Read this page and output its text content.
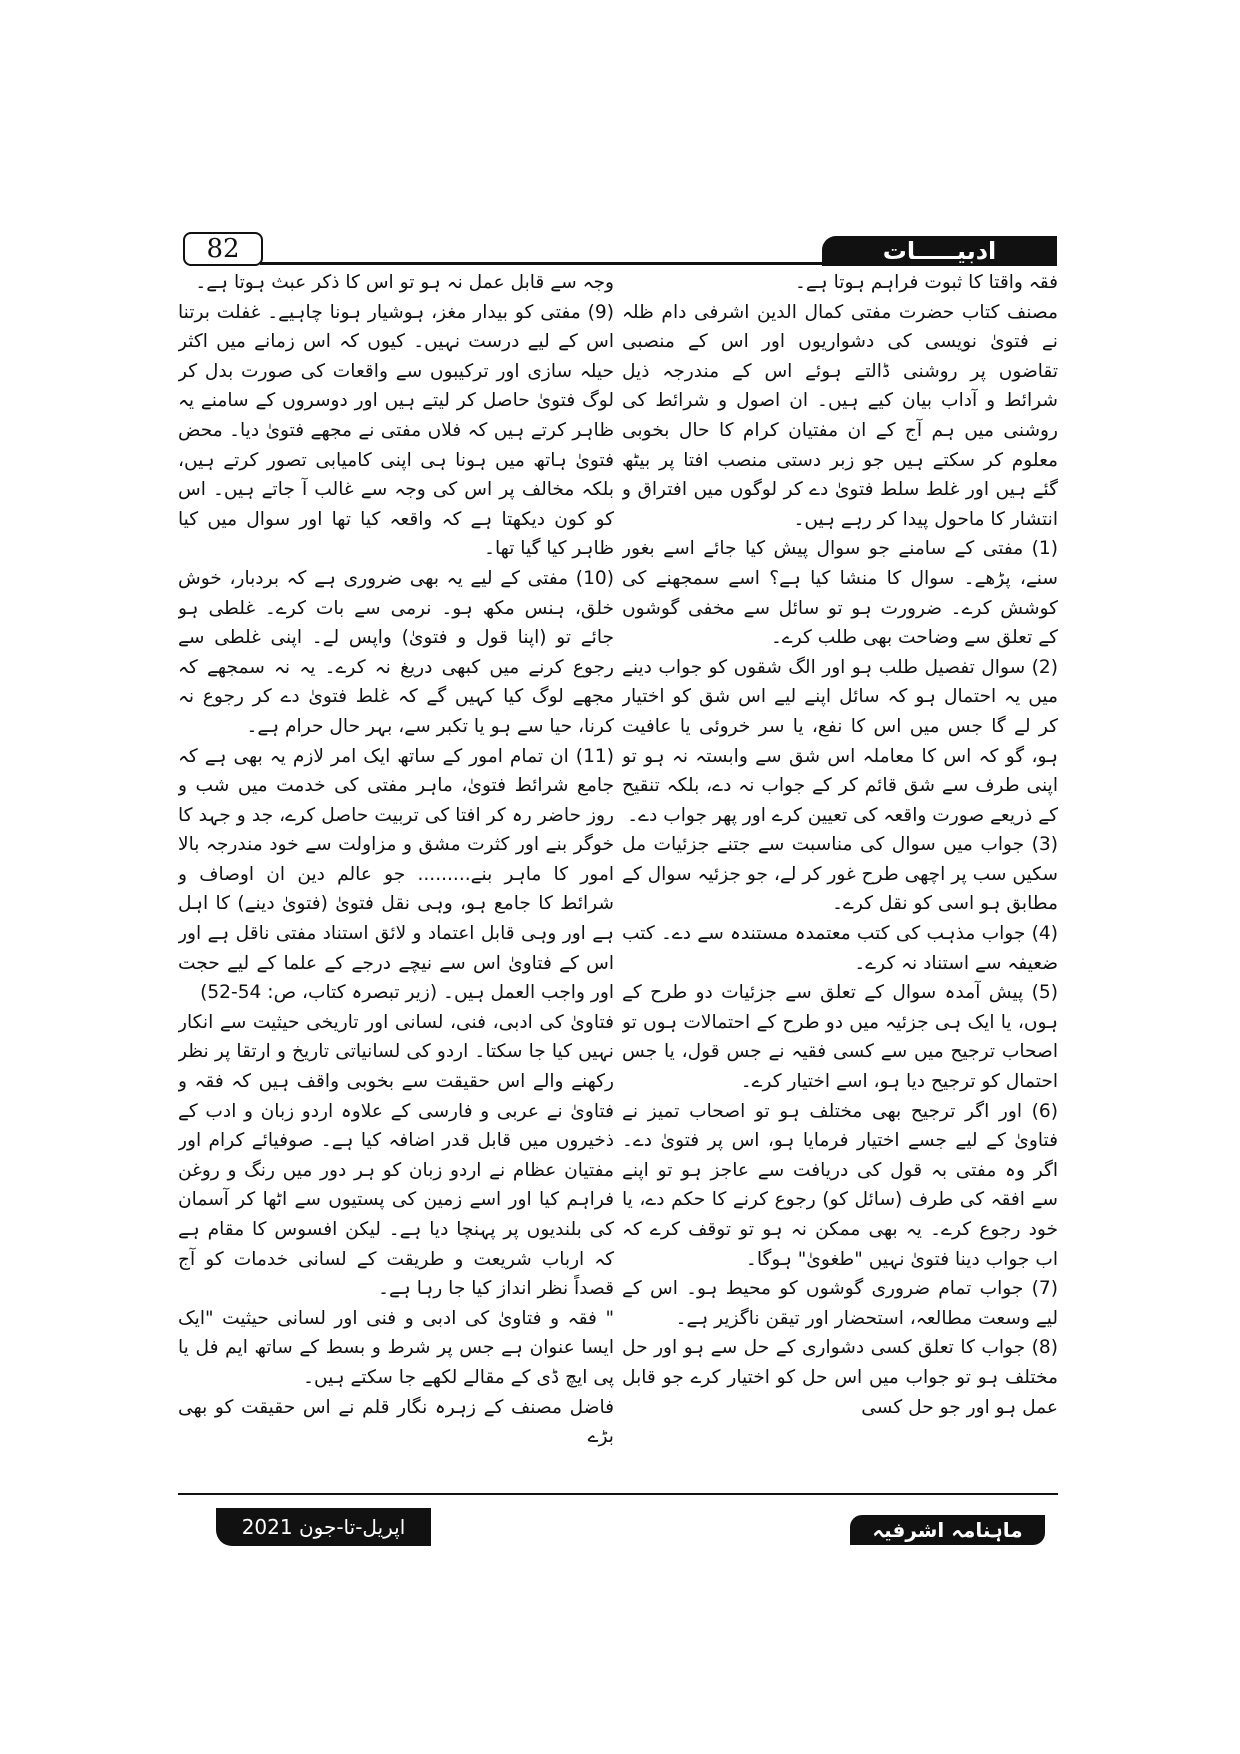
82	ادبیـــــات

فقہ واقتا کا ثبوت فراہم ہوتا ہے۔

مصنف کتاب حضرت مفتی کمال الدین اشرفی دام ظلہ نے فتویٰ نویسی کی دشواریوں اور اس کے منصبی تقاضوں پر روشنی ڈالتے ہوئے اس کے مندرجہ ذیل شرائط و آداب بیان کیے ہیں۔ ان اصول و شرائط کی روشنی میں ہم آج کے ان مفتیان کرام کا حال بخوبی معلوم کر سکتے ہیں جو زبر دستی منصب افتا پر بیٹھ گئے ہیں اور غلط سلط فتویٰ دے کر لوگوں میں افتراق و انتشار کا ماحول پیدا کر رہے ہیں۔

(1) مفتی کے سامنے جو سوال پیش کیا جائے اسے بغور سنے، پڑھے۔ سوال کا منشا کیا ہے؟ اسے سمجھنے کی کوشش کرے۔ ضرورت ہو تو سائل سے مخفی گوشوں کے تعلق سے وضاحت بھی طلب کرے۔

(2) سوال تفصیل طلب ہو اور الگ شقوں کو جواب دینے میں یہ احتمال ہو کہ سائل اپنے لیے اس شق کو اختیار کر لے گا جس میں اس کا نفع، یا سر خروئی یا عافیت ہو، گو کہ اس کا معاملہ اس شق سے وابستہ نہ ہو تو اپنی طرف سے شق قائم کر کے جواب نہ دے، بلکہ تنقیح کے ذریعے صورت واقعہ کی تعیین کرے اور پھر جواب دے۔

(3) جواب میں سوال کی مناسبت سے جتنے جزئیات مل سکیں سب پر اچھی طرح غور کر لے، جو جزئیہ سوال کے مطابق ہو اسی کو نقل کرے۔

(4) جواب مذہب کی کتب معتمدہ مستندہ سے دے۔ کتب ضعیفہ سے استناد نہ کرے۔

(5) پیش آمدہ سوال کے تعلق سے جزئیات دو طرح کے ہوں، یا ایک ہی جزئیہ میں دو طرح کے احتمالات ہوں تو اصحاب ترجیح میں سے کسی فقیہ نے جس قول، یا جس احتمال کو ترجیح دیا ہو، اسے اختیار کرے۔

(6) اور اگر ترجیح بھی مختلف ہو تو اصحاب تمیز نے فتاویٰ کے لیے جسے اختیار فرمایا ہو، اس پر فتویٰ دے۔ اگر وہ مفتی بہ قول کی دریافت سے عاجز ہو تو اپنے سے افقہ کی طرف (سائل کو) رجوع کرنے کا حکم دے، یا خود رجوع کرے۔ یہ بھی ممکن نہ ہو تو توقف کرے کہ اب جواب دینا فتویٰ نہیں "طغویٰ" ہوگا۔

(7) جواب تمام ضروری گوشوں کو محیط ہو۔ اس کے لیے وسعت مطالعہ، استحضار اور تیقن ناگزیر ہے۔

(8) جواب کا تعلق کسی دشواری کے حل سے ہو اور حل مختلف ہو تو جواب میں اس حل کو اختیار کرے جو قابل عمل ہو اور جو حل کسی

وجہ سے قابل عمل نہ ہو تو اس کا ذکر عبث ہوتا ہے۔

(9) مفتی کو بیدار مغز، ہوشیار ہونا چاہیے۔ غفلت برتنا اس کے لیے درست نہیں۔ کیوں کہ اس زمانے میں اکثر حیلہ سازی اور ترکیبوں سے واقعات کی صورت بدل کر لوگ فتویٰ حاصل کر لیتے ہیں اور دوسروں کے سامنے یہ ظاہر کرتے ہیں کہ فلاں مفتی نے مجھے فتویٰ دیا۔ محض فتویٰ ہاتھ میں ہونا ہی اپنی کامیابی تصور کرتے ہیں، بلکہ مخالف پر اس کی وجہ سے غالب آ جاتے ہیں۔ اس کو کون دیکھتا ہے کہ واقعہ کیا تھا اور سوال میں کیا ظاہر کیا گیا تھا۔

(10) مفتی کے لیے یہ بھی ضروری ہے کہ بردبار، خوش خلق، ہنس مکھ ہو۔ نرمی سے بات کرے۔ غلطی ہو جائے تو (اپنا قول و فتویٰ) واپس لے۔ اپنی غلطی سے رجوع کرنے میں کبھی دریغ نہ کرے۔ یہ نہ سمجھے کہ مجھے لوگ کیا کہیں گے کہ غلط فتویٰ دے کر رجوع نہ کرنا، حیا سے ہو یا تکبر سے، بہر حال حرام ہے۔

(11) ان تمام امور کے ساتھ ایک امر لازم یہ بھی ہے کہ جامع شرائط فتویٰ، ماہر مفتی کی خدمت میں شب و روز حاضر رہ کر افتا کی تربیت حاصل کرے، جد و جہد کا خوگر بنے اور کثرت مشق و مزاولت سے خود مندرجہ بالا امور کا ماہر بنے......... جو عالم دین ان اوصاف و شرائط کا جامع ہو، وہی نقل فتویٰ (فتویٰ دینے) کا اہل ہے اور وہی قابل اعتماد و لائق استناد مفتی ناقل ہے اور اس کے فتاویٰ اس سے نیچے درجے کے علما کے لیے حجت اور واجب العمل ہیں۔ (زیر تبصرہ کتاب، ص: 54-52)

فتاویٰ کی ادبی، فنی، لسانی اور تاریخی حیثیت سے انکار نہیں کیا جا سکتا۔ اردو کی لسانیاتی تاریخ و ارتقا پر نظر رکھنے والے اس حقیقت سے بخوبی واقف ہیں کہ فقہ و فتاویٰ نے عربی و فارسی کے علاوہ اردو زبان و ادب کے ذخیروں میں قابل قدر اضافہ کیا ہے۔ صوفیائے کرام اور مفتیان عظام نے اردو زبان کو ہر دور میں رنگ و روغن فراہم کیا اور اسے زمین کی پستیوں سے اٹھا کر آسمان کی بلندیوں پر پہنچا دیا ہے۔ لیکن افسوس کا مقام ہے کہ ارباب شریعت و طریقت کے لسانی خدمات کو آج قصداً نظر انداز کیا جا رہا ہے۔

" فقہ و فتاویٰ کی ادبی و فنی اور لسانی حیثیت "ایک ایسا عنوان ہے جس پر شرط و بسط کے ساتھ ایم فل یا پی ایچ ڈی کے مقالے لکھے جا سکتے ہیں۔

فاضل مصنف کے زہرہ نگار قلم نے اس حقیقت کو بھی بڑے

اپریل-تا-جون 2021	ماہنامہ اشرفیہ
